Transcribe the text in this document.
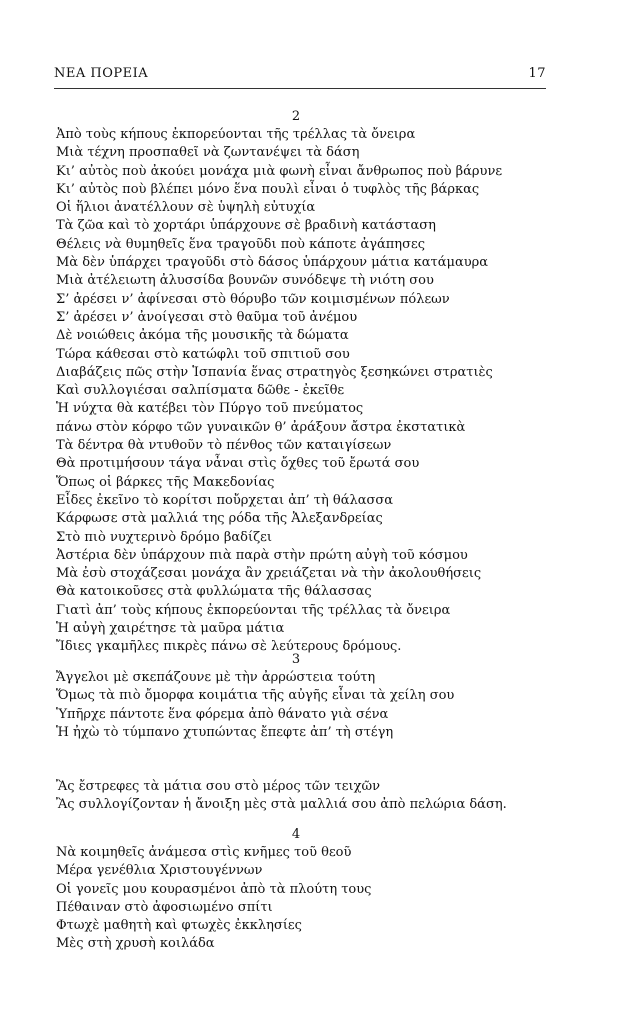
ΝΕΑ ΠΟΡΕΙΑ	17
2
Ἀπὸ τοὺς κήπους ἐκπορεύονται τῆς τρέλλας τὰ ὄνειρα
Μιὰ τέχνη προσπαθεῖ νὰ ζωντανέψει τὰ δάση
Κι’ αὐτὸς ποὺ ἀκούει μονάχα μιὰ φωνὴ εἶναι ἄνθρωπος ποὺ βάρυνε
Κι’ αὐτὸς ποὺ βλέπει μόνο ἕνα πουλὶ εἶναι ὁ τυφλὸς τῆς βάρκας
Οἱ ἥλιοι ἀνατέλλουν σὲ ὑψηλὴ εὐτυχία
Τὰ ζῶα καὶ τὸ χορτάρι ὑπάρχουνε σὲ βραδινὴ κατάσταση
Θέλεις νὰ θυμηθεῖς ἕνα τραγοῦδι ποὺ κάποτε ἀγάπησες
Μὰ δὲν ὑπάρχει τραγοῦδι στὸ δάσος ὑπάρχουν μάτια κατάμαυρα
Μιὰ ἀτέλειωτη ἀλυσσίδα βουνῶν συνόδεψε τὴ νιότη σου
Σ’ ἀρέσει ν’ ἀφίνεσαι στὸ θόρυβο τῶν κοιμισμένων πόλεων
Σ’ ἀρέσει ν’ ἀνοίγεσαι στὸ θαῦμα τοῦ ἀνέμου
Δὲ νοιώθεις ἀκόμα τῆς μουσικῆς τὰ δώματα
Τώρα κάθεσαι στὸ κατώφλι τοῦ σπιτιοῦ σου
Διαβάζεις πῶς στὴν Ἱσπανία ἕνας στρατηγὸς ξεσηκώνει στρατιὲς
Καὶ συλλογιέσαι σαλπίσματα δῶθε - ἐκεῖθε
Ἡ νύχτα θὰ κατέβει τὸν Πύργο τοῦ πνεύματος
πάνω στὸν κόρφο τῶν γυναικῶν θ’ ἀράξουν ἄστρα ἐκστατικὰ
Τὰ δέντρα θὰ ντυθοῦν τὸ πένθος τῶν καταιγίσεων
Θὰ προτιμήσουν τάγα νἆναι στὶς ὄχθες τοῦ ἔρωτά σου
Ὅπως οἱ βάρκες τῆς Μακεδονίας
Εἶδες ἐκεῖνο τὸ κορίτσι ποὔρχεται ἀπ’ τὴ θάλασσα
Κάρφωσε στὰ μαλλιά της ρόδα τῆς Ἀλεξανδρείας
Στὸ πιὸ νυχτερινὸ δρόμο βαδίζει
Ἀστέρια δὲν ὑπάρχουν πιὰ παρὰ στὴν πρώτη αὐγὴ τοῦ κόσμου
Μὰ ἐσὺ στοχάζεσαι μονάχα ἂν χρειάζεται νὰ τὴν ἀκολουθήσεις
Θὰ κατοικοῦσες στὰ φυλλώματα τῆς θάλασσας
Γιατὶ ἀπ’ τοὺς κήπους ἐκπορεύονται τῆς τρέλλας τὰ ὄνειρα
Ἡ αὐγὴ χαιρέτησε τὰ μαῦρα μάτια
Ἴδιες γκαμῆλες πικρὲς πάνω σὲ λεύτερους δρόμους.
3
Ἄγγελοι μὲ σκεπάζουνε μὲ τὴν ἀρρώστεια τούτη
Ὅμως τὰ πιὸ ὄμορφα κοιμάτια τῆς αὐγῆς εἶναι τὰ χείλη σου
Ὑπῆρχε πάντοτε ἕνα φόρεμα ἀπὸ θάνατο γιὰ σένα
Ἡ ἠχὼ τὸ τύμπανο χτυπώντας ἔπεφτε ἀπ’ τὴ στέγη
Ἂς ἔστρεφες τὰ μάτια σου στὸ μέρος τῶν τειχῶν
Ἂς συλλογίζονταν ἡ ἄνοιξη μὲς στὰ μαλλιά σου ἀπὸ πελώρια δάση.
4
Νὰ κοιμηθεῖς ἀνάμεσα στὶς κνῆμες τοῦ θεοῦ
Μέρα γενέθλια Χριστουγέννων
Οἱ γονεῖς μου κουρασμένοι ἀπὸ τὰ πλούτη τους
Πέθαιναν στὸ ἀφοσιωμένο σπίτι
Φτωχὲ μαθητὴ καὶ φτωχὲς ἐκκλησίες
Μὲς στὴ χρυσὴ κοιλάδα
